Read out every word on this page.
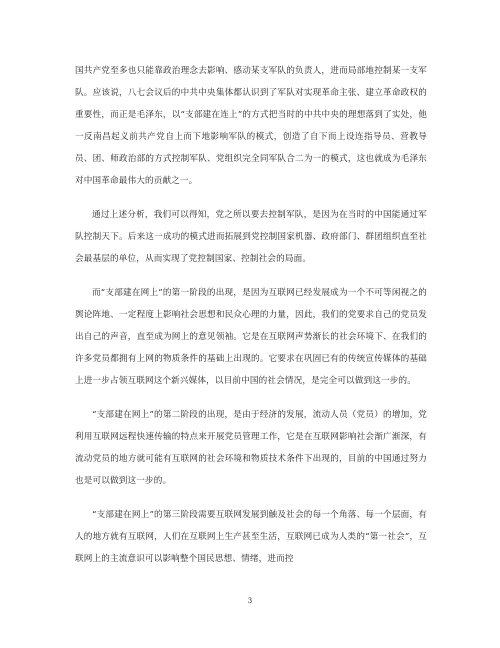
国共产党至多也只能靠政治理念去影响、感动某支军队的负责人，进而局部地控制某一支军队。应该说，八七会议后的中共中央集体都认识到了军队对实现革命主张、建立革命政权的重要性，而正是毛泽东，以“支部建在连上”的方式把当时的中共中央的理想落到了实处，他一反南昌起义前共产党自上而下地影响军队的模式，创造了自下而上设连指导员、营教导员、团、师政治部的方式控制军队、党组织完全同军队合二为一的模式，这也就成为毛泽东对中国革命最伟大的贡献之一。

通过上述分析，我们可以得知，党之所以要去控制军队，是因为在当时的中国能通过军队控制天下。后来这一成功的模式进而拓展到党控制国家机器、政府部门、群团组织直至社会最基层的单位，从而实现了党控制国家、控制社会的局面。

而“支部建在网上”的第一阶段的出现，是因为互联网已经发展成为一个不可等闲视之的舆论阵地、一定程度上影响社会思想和民众心理的力量，因此，我们的党要求自己的党员发出自己的声音，直至成为网上的意见领袖。它是在互联网声势渐长的社会环境下、在我们的许多党员都拥有上网的物质条件的基础上出现的。它要求在巩固已有的传统宣传媒体的基础上进一步占领互联网这个新兴媒体，以目前中国的社会情况，是完全可以做到这一步的。

“支部建在网上”的第二阶段的出现，是由于经济的发展，流动人员（党员）的增加，党利用互联网远程快速传输的特点来开展党员管理工作，它是在互联网影响社会渐广渐深，有流动党员的地方就可能有互联网的社会环境和物质技术条件下出现的，目前的中国通过努力也是可以做到这一步的。

“支部建在网上”的第三阶段需要互联网发展到触及社会的每一个角落、每一个层面，有人的地方就有互联网，人们在互联网上生产甚至生活，互联网已成为人类的“第一社会”，互联网上的主流意识可以影响整个国民思想、情绪，进而控

3
